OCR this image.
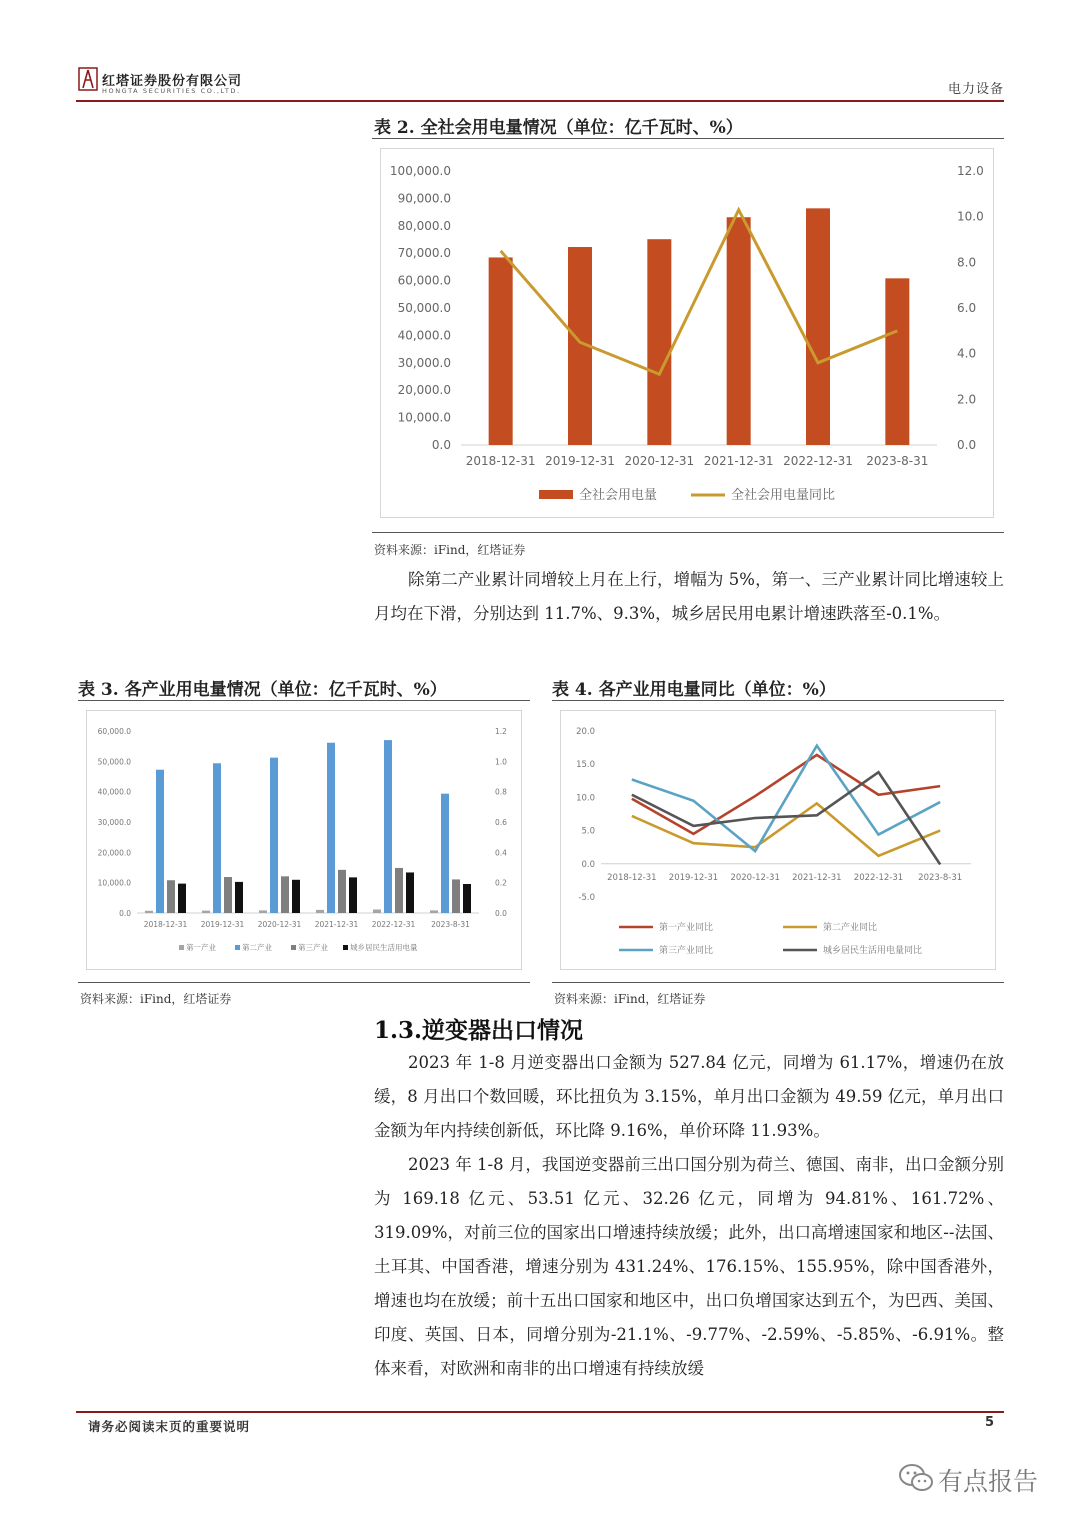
红塔证券股份有限公司
HONGTA SECURITIES CO.,LTD.	电力设备
表 2. 全社会用电量情况（单位：亿千瓦时、%）
0.0
10,000.0
20,000.0
30,000.0
40,000.0
50,000.0
60,000.0
70,000.0
80,000.0
90,000.0
100,000.0
0.0
2.0
4.0
6.0
8.0
10.0
12.0
2018-12-31 2019-12-31 2020-12-31 2021-12-31 2022-12-31 2023-8-31
全社会用电量	全社会用电量同比
资料来源：iFind，红塔证券
除第二产业累计同增较上月在上行，增幅为 5%，第一、三产业累计同比增速较上月均在下滑，分别达到 11.7%、9.3%，城乡居民用电累计增速跌落至-0.1%。
表 3. 各产业用电量情况（单位：亿千瓦时、%）
0.0
10,000.0
20,000.0
30,000.0
40,000.0
50,000.0
60,000.0
0.0
0.2
0.4
0.6
0.8
1.0
1.2
2018-12-31 2019-12-31 2020-12-31 2021-12-31 2022-12-31 2023-8-31
第一产业	第二产业	第三产业	城乡居民生活用电量
资料来源：iFind，红塔证券
表 4. 各产业用电量同比（单位：%）
-5.0
0.0
5.0
10.0
15.0
20.0
2018-12-31 2019-12-31 2020-12-31 2021-12-31 2022-12-31 2023-8-31
第一产业同比	第二产业同比
第三产业同比	城乡居民生活用电量同比
资料来源：iFind，红塔证券
1.3.逆变器出口情况
2023 年 1-8 月逆变器出口金额为 527.84 亿元，同增为 61.17%，增速仍在放缓，8 月出口个数回暖，环比扭负为 3.15%，单月出口金额为 49.59 亿元，单月出口金额为年内持续创新低，环比降 9.16%，单价环降 11.93%。
2023 年 1-8 月，我国逆变器前三出口国分别为荷兰、德国、南非，出口金额分别为 169.18 亿元、53.51 亿元、32.26 亿元，同增为 94.81%、161.72%、319.09%，对前三位的国家出口增速持续放缓；此外，出口高增速国家和地区--法国、土耳其、中国香港，增速分别为 431.24%、176.15%、155.95%，除中国香港外，增速也均在放缓；前十五出口国家和地区中，出口负增国家达到五个，为巴西、美国、印度、英国、日本，同增分别为-21.1%、-9.77%、-2.59%、-5.85%、-6.91%。整体来看，对欧洲和南非的出口增速有持续放缓
请务必阅读末页的重要说明	5
有点报告
